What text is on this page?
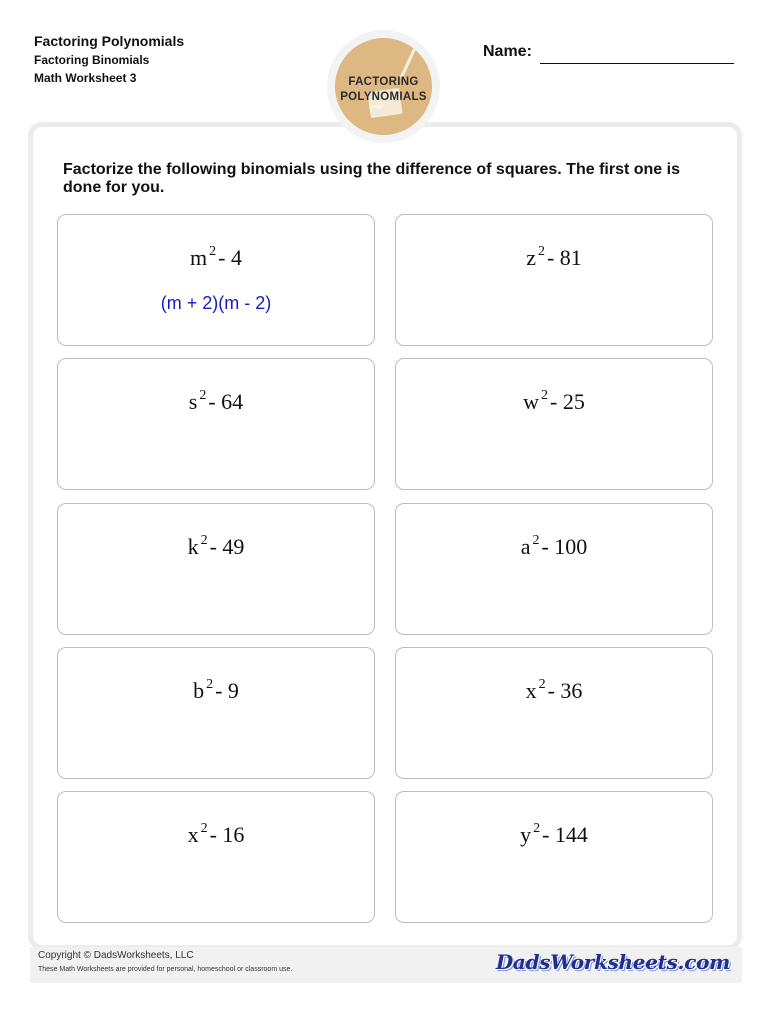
Factoring Polynomials
Factoring Binomials
Math Worksheet 3
Name:
FACTORING
POLYNOMIALS
a²+b²
Factorize the following binomials using the difference of squares. The first one is done for you.
m $^2$- 4
(m + 2)(m - 2)
z $^2$- 81
s $^2$- 64	w $^2$- 25
k $^2$- 49	a $^2$- 100
b $^2$- 9	x $^2$- 36
x $^2$- 16	y $^2$- 144
Copyright © DadsWorksheets, LLC
These Math Worksheets are provided for personal, homeschool or classroom use.	DadsWorksheets.com
